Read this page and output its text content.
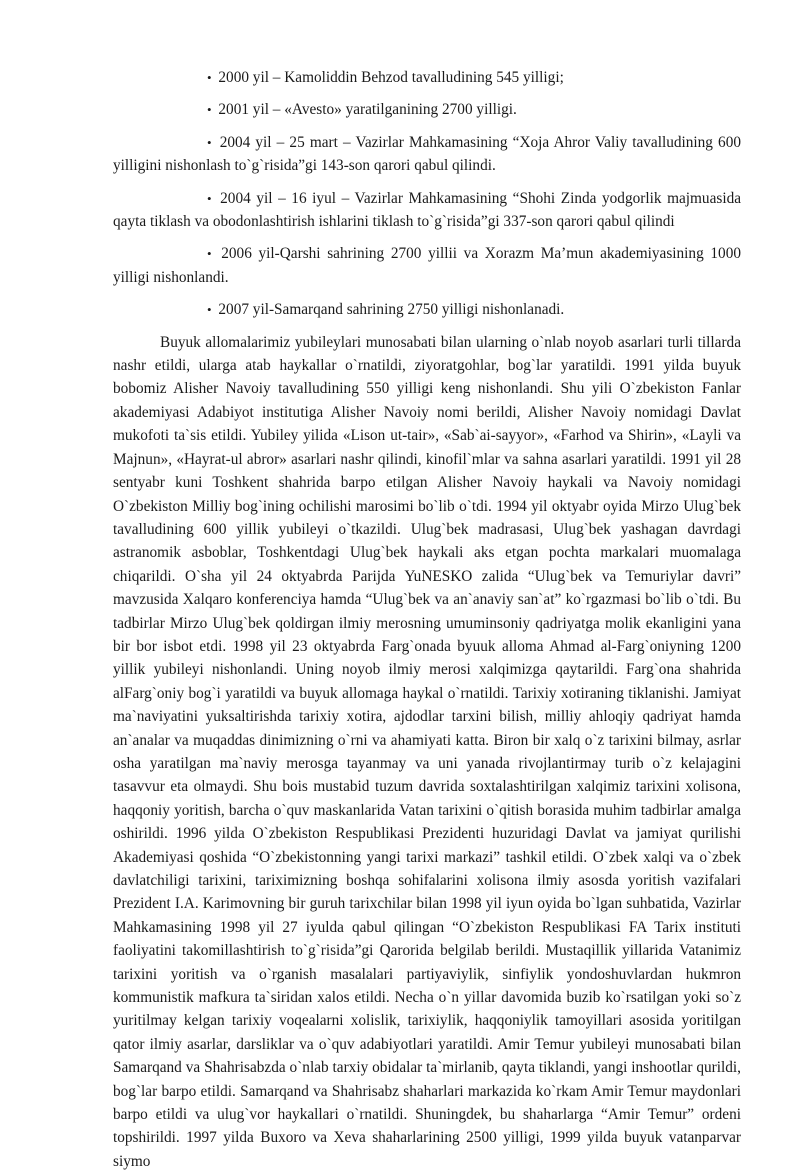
• 2000 yil – Kamoliddin Behzod tavalludining 545 yilligi;

• 2001 yil – «Avesto» yaratilganining 2700 yilligi.

• 2004 yil – 25 mart – Vazirlar Mahkamasining “Xoja Ahror Valiy tavalludining 600 yilligini nishonlash to`g`risida”gi 143-son qarori qabul qilindi.

• 2004 yil – 16 iyul – Vazirlar Mahkamasining “Shohi Zinda yodgorlik majmuasida qayta tiklash va obodonlashtirish ishlarini tiklash to`g`risida”gi 337-son qarori qabul qilindi

• 2006 yil-Qarshi sahrining 2700 yillii va Xorazm Ma’mun akademiyasining 1000 yilligi nishonlandi.

• 2007 yil-Samarqand sahrining 2750 yilligi nishonlanadi.

Buyuk allomalarimiz yubileylari munosabati bilan ularning o`nlab noyob asarlari turli tillarda nashr etildi, ularga atab haykallar o`rnatildi, ziyoratgohlar, bog`lar yaratildi. 1991 yilda buyuk bobomiz Alisher Navoiy tavalludining 550 yilligi keng nishonlandi. Shu yili O`zbekiston Fanlar akademiyasi Adabiyot institutiga Alisher Navoiy nomi berildi, Alisher Navoiy nomidagi Davlat mukofoti ta`sis etildi. Yubiley yilida «Lison ut-tair», «Sab`ai-sayyor», «Farhod va Shirin», «Layli va Majnun», «Hayrat-ul abror» asarlari nashr qilindi, kinofil`mlar va sahna asarlari yaratildi. 1991 yil 28 sentyabr kuni Toshkent shahrida barpo etilgan Alisher Navoiy haykali va Navoiy nomidagi O`zbekiston Milliy bog`ining ochilishi marosimi bo`lib o`tdi. 1994 yil oktyabr oyida Mirzo Ulug`bek tavalludining 600 yillik yubileyi o`tkazildi. Ulug`bek madrasasi, Ulug`bek yashagan davrdagi astranomik asboblar, Toshkentdagi Ulug`bek haykali aks etgan pochta markalari muomalaga chiqarildi. O`sha yil 24 oktyabrda Parijda YuNESKO zalida “Ulug`bek va Temuriylar davri” mavzusida Xalqaro konferenciya hamda “Ulug`bek va an`anaviy san`at” ko`rgazmasi bo`lib o`tdi. Bu tadbirlar Mirzo Ulug`bek qoldirgan ilmiy merosning umuminsoniy qadriyatga molik ekanligini yana bir bor isbot etdi. 1998 yil 23 oktyabrda Farg`onada byuuk alloma Ahmad al-Farg`oniyning 1200 yillik yubileyi nishonlandi. Uning noyob ilmiy merosi xalqimizga qaytarildi. Farg`ona shahrida alFarg`oniy bog`i yaratildi va buyuk allomaga haykal o`rnatildi. Tarixiy xotiraning tiklanishi. Jamiyat ma`naviyatini yuksaltirishda tarixiy xotira, ajdodlar tarxini bilish, milliy ahloqiy qadriyat hamda an`analar va muqaddas dinimizning o`rni va ahamiyati katta. Biron bir xalq o`z tarixini bilmay, asrlar osha yaratilgan ma`naviy merosga tayanmay va uni yanada rivojlantirmay turib o`z kelajagini tasavvur eta olmaydi. Shu bois mustabid tuzum davrida soxtalashtirilgan xalqimiz tarixini xolisona, haqqoniy yoritish, barcha o`quv maskanlarida Vatan tarixini o`qitish borasida muhim tadbirlar amalga oshirildi. 1996 yilda O`zbekiston Respublikasi Prezidenti huzuridagi Davlat va jamiyat qurilishi Akademiyasi qoshida “O`zbekistonning yangi tarixi markazi” tashkil etildi. O`zbek xalqi va o`zbek davlatchiligi tarixini, tariximizning boshqa sohifalarini xolisona ilmiy asosda yoritish vazifalari Prezident I.A. Karimovning bir guruh tarixchilar bilan 1998 yil iyun oyida bo`lgan suhbatida, Vazirlar Mahkamasining 1998 yil 27 iyulda qabul qilingan “O`zbekiston Respublikasi FA Tarix instituti faoliyatini takomillashtirish to`g`risida”gi Qarorida belgilab berildi. Mustaqillik yillarida Vatanimiz tarixini yoritish va o`rganish masalalari partiyaviylik, sinfiylik yondoshuvlardan hukmron kommunistik mafkura ta`siridan xalos etildi. Necha o`n yillar davomida buzib ko`rsatilgan yoki so`z yuritilmay kelgan tarixiy voqealarni xolislik, tarixiylik, haqqoniylik tamoyillari asosida yoritilgan qator ilmiy asarlar, darsliklar va o`quv adabiyotlari yaratildi. Amir Temur yubileyi munosabati bilan Samarqand va Shahrisabzda o`nlab tarxiy obidalar ta`mirlanib, qayta tiklandi, yangi inshootlar qurildi, bog`lar barpo etildi. Samarqand va Shahrisabz shaharlari markazida ko`rkam Amir Temur maydonlari barpo etildi va ulug`vor haykallari o`rnatildi. Shuningdek, bu shaharlarga “Amir Temur” ordeni topshirildi. 1997 yilda Buxoro va Xeva shaharlarining 2500 yilligi, 1999 yilda buyuk vatanparvar siymo
